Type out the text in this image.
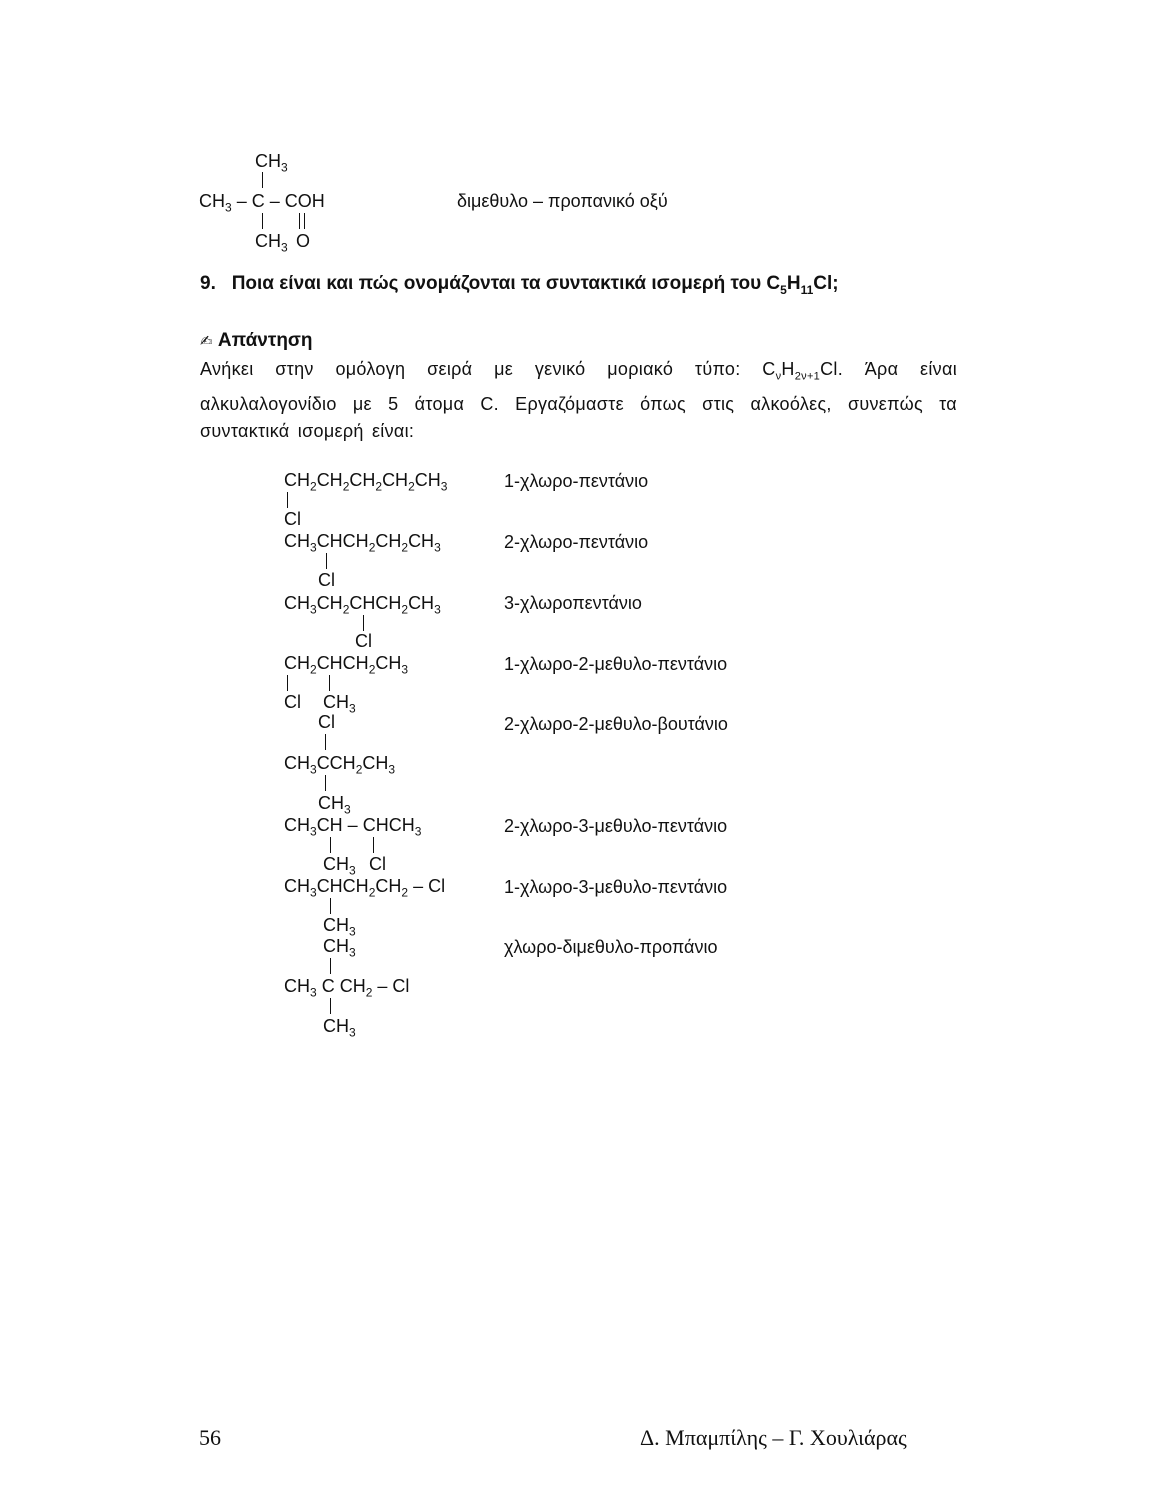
$CH_3$
$CH_3$ – C – COH
$CH_3$ O
διμεθυλο – προπανικό οξύ
9. Ποια είναι και πώς ονομάζονται τα συντακτικά ισομερή του $C_5H_{11}Cl$;
✍ Απάντηση
Ανήκει στην ομόλογη σειρά με γενικό μοριακό τύπο: $C_\nu H_{2\nu+1}Cl$. Άρα είναι
αλκυλαλογονίδιο με 5 άτομα C. Εργαζόμαστε όπως στις αλκοόλες, συνεπώς τα
συντακτικά ισομερή είναι:
$CH_2CH_2CH_2CH_2CH_3$
Cl
1-χλωρο-πεντάνιο
$CH_3CHCH_2CH_2CH_3$
Cl
2-χλωρο-πεντάνιο
$CH_3CH_2CHCH_2CH_3$
Cl
3-χλωροπεντάνιο
$CH_2CHCH_2CH_3$
Cl $CH_3$
1-χλωρο-2-μεθυλο-πεντάνιο
Cl
$CH_3CCH_2CH_3$
$CH_3$
2-χλωρο-2-μεθυλο-βουτάνιο
$CH_3CH$ – $CHCH_3$
$CH_3$ Cl
2-χλωρο-3-μεθυλο-πεντάνιο
$CH_3CHCH_2CH_2$ – Cl
$CH_3$
1-χλωρο-3-μεθυλο-πεντάνιο
$CH_3$
$CH_3$ C $CH_2$ – Cl
$CH_3$
χλωρο-διμεθυλο-προπάνιο
56	Δ. Μπαμπίλης – Γ. Χουλιάρας
